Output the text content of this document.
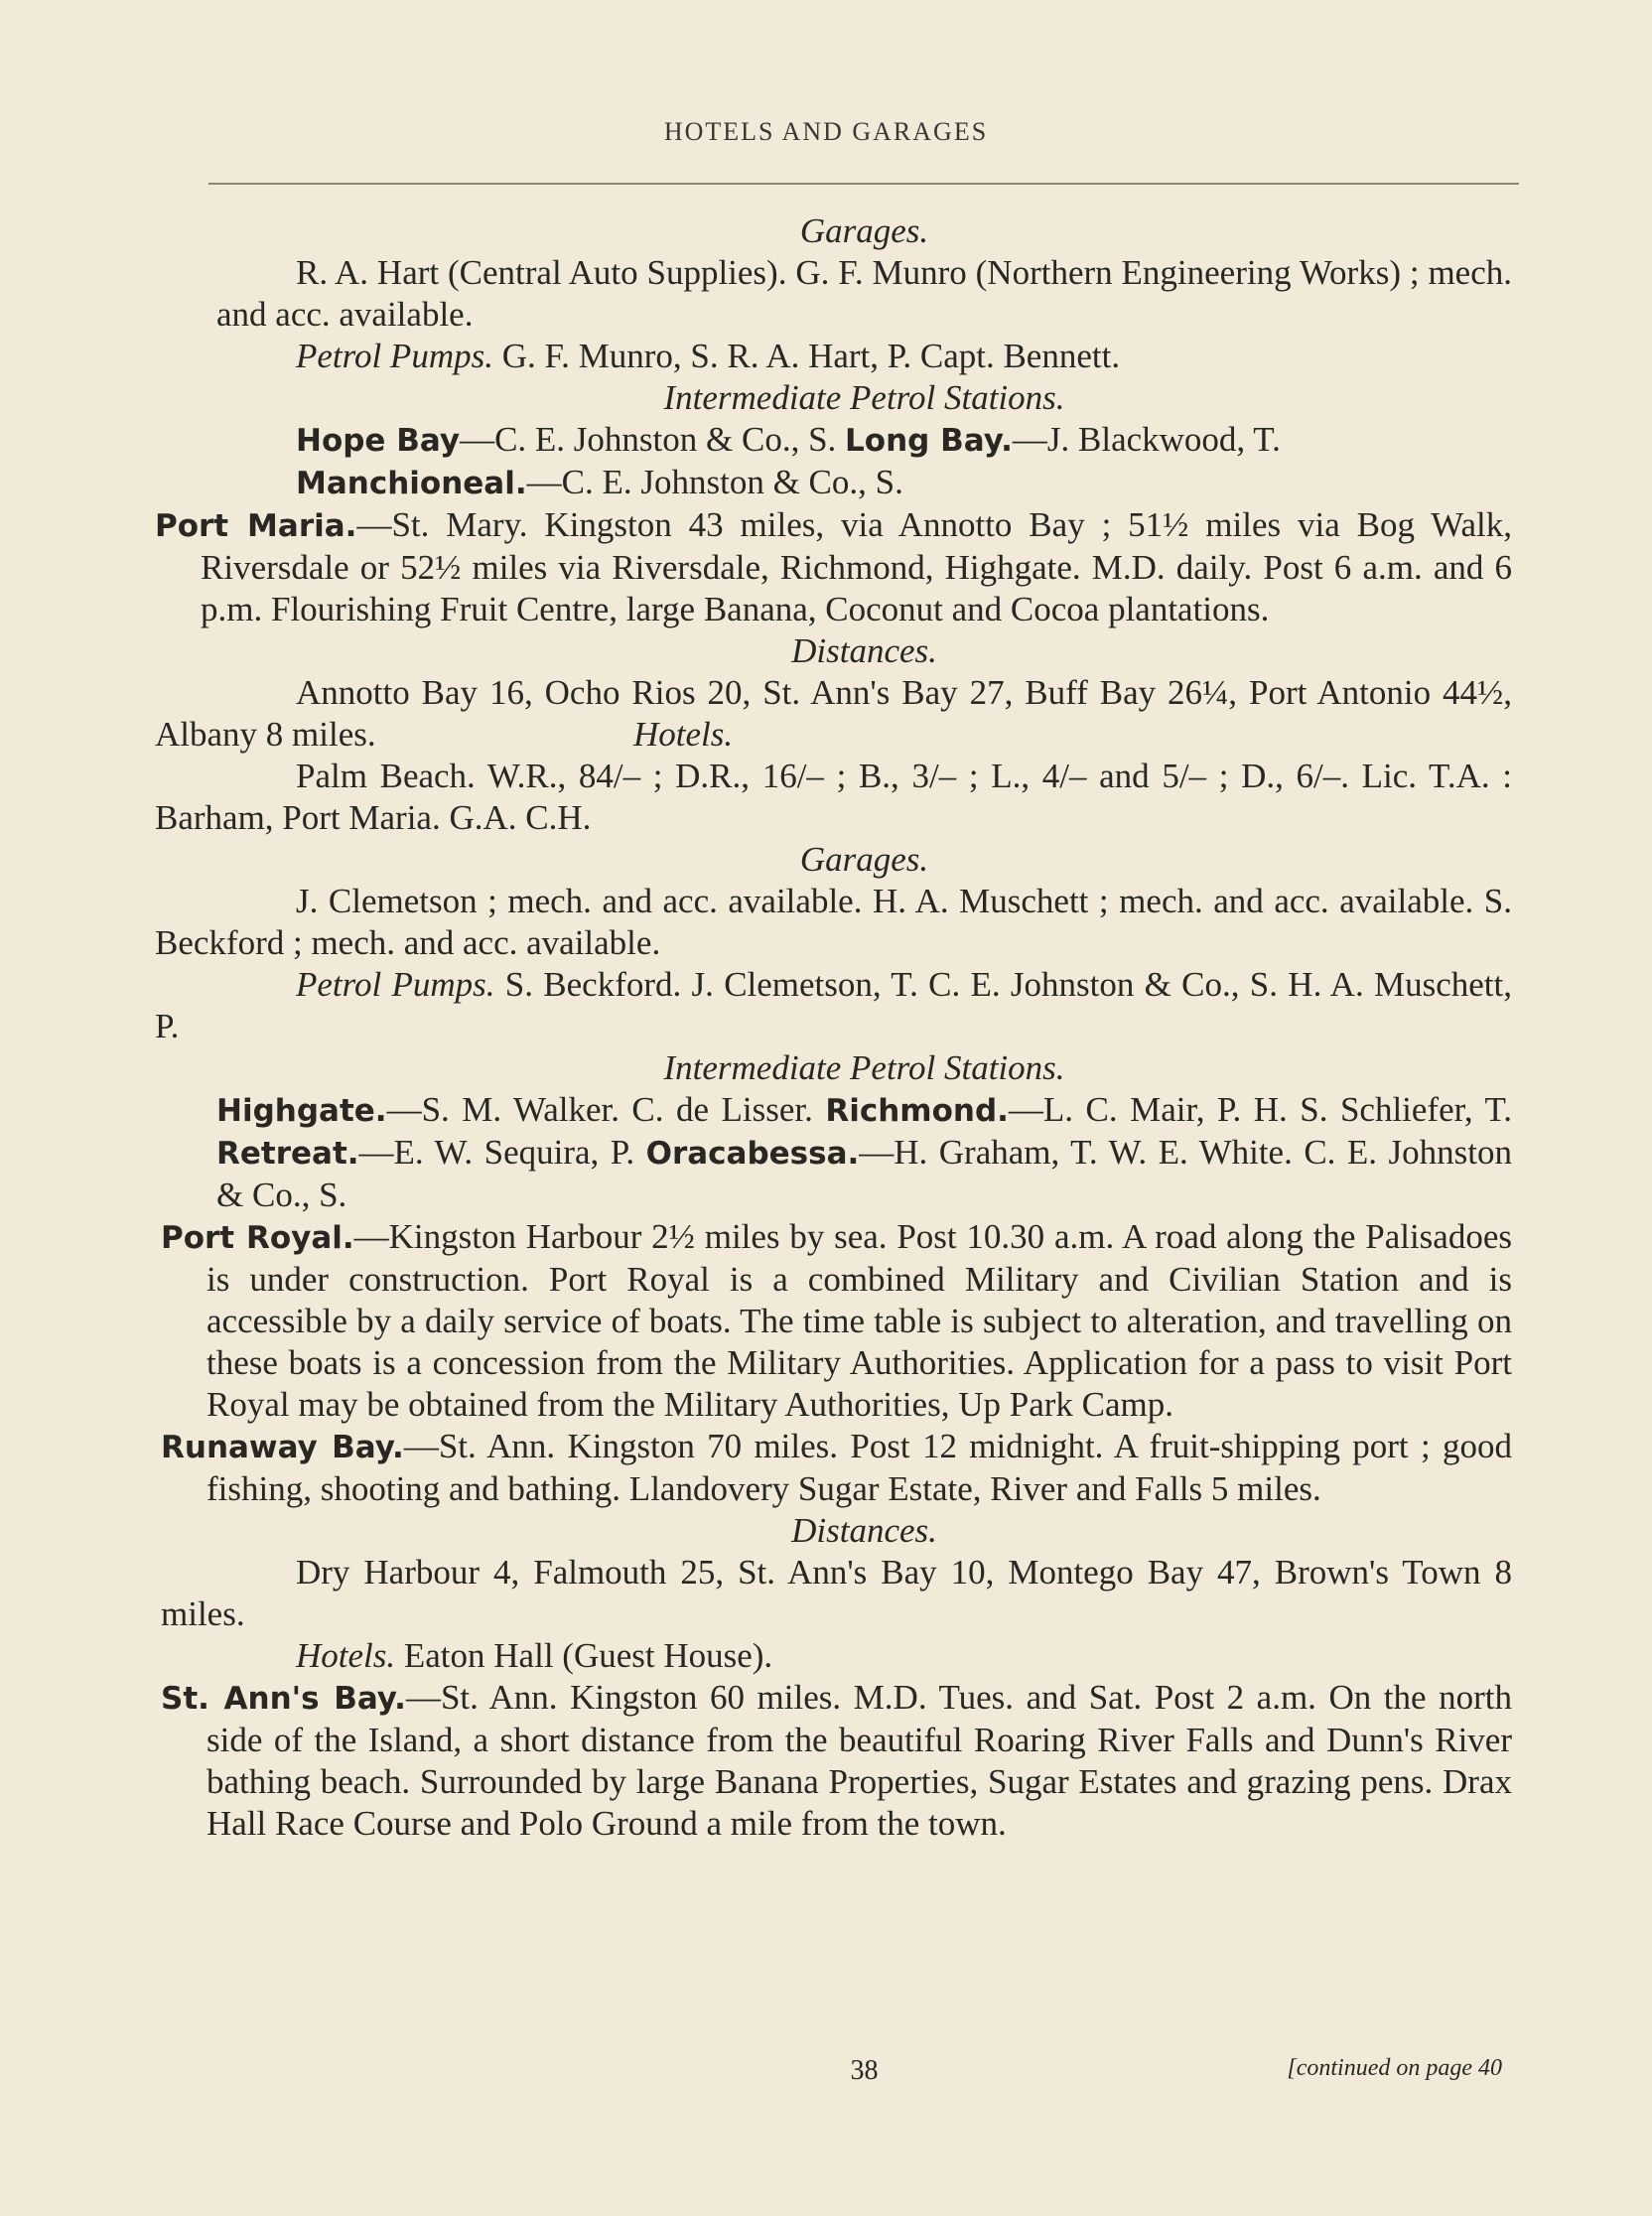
HOTELS AND GARAGES

Garages.

R. A. Hart (Central Auto Supplies). G. F. Munro (Northern Engineering Works) ; mech. and acc. available.

Petrol Pumps. G. F. Munro, S. R. A. Hart, P. Capt. Bennett.

Intermediate Petrol Stations.

Hope Bay—C. E. Johnston & Co., S. Long Bay.—J. Blackwood, T.

Manchioneal.—C. E. Johnston & Co., S.

Port Maria.—St. Mary. Kingston 43 miles, via Annotto Bay ; 51½ miles via Bog Walk, Riversdale or 52½ miles via Riversdale, Richmond, Highgate. M.D. daily. Post 6 a.m. and 6 p.m. Flourishing Fruit Centre, large Banana, Coconut and Cocoa plantations.

Distances.

Annotto Bay 16, Ocho Rios 20, St. Ann's Bay 27, Buff Bay 26¼, Port Antonio 44½, Albany 8 miles.	Hotels.

Palm Beach. W.R., 84/– ; D.R., 16/– ; B., 3/– ; L., 4/– and 5/– ; D., 6/–. Lic. T.A. : Barham, Port Maria. G.A. C.H.

Garages.

J. Clemetson ; mech. and acc. available. H. A. Muschett ; mech. and acc. available. S. Beckford ; mech. and acc. available.

Petrol Pumps. S. Beckford. J. Clemetson, T. C. E. Johnston & Co., S. H. A. Muschett, P.

Intermediate Petrol Stations.

Highgate.—S. M. Walker. C. de Lisser. Richmond.—L. C. Mair, P. H. S. Schliefer, T. Retreat.—E. W. Sequira, P. Oracabessa.—H. Graham, T. W. E. White. C. E. Johnston & Co., S.

Port Royal.—Kingston Harbour 2½ miles by sea. Post 10.30 a.m. A road along the Palisadoes is under construction. Port Royal is a combined Military and Civilian Station and is accessible by a daily service of boats. The time table is subject to alteration, and travelling on these boats is a concession from the Military Authorities. Application for a pass to visit Port Royal may be obtained from the Military Authorities, Up Park Camp.

Runaway Bay.—St. Ann. Kingston 70 miles. Post 12 midnight. A fruit-shipping port ; good fishing, shooting and bathing. Llandovery Sugar Estate, River and Falls 5 miles.

Distances.

Dry Harbour 4, Falmouth 25, St. Ann's Bay 10, Montego Bay 47, Brown's Town 8 miles.

Hotels. Eaton Hall (Guest House).

St. Ann's Bay.—St. Ann. Kingston 60 miles. M.D. Tues. and Sat. Post 2 a.m. On the north side of the Island, a short distance from the beautiful Roaring River Falls and Dunn's River bathing beach. Surrounded by large Banana Properties, Sugar Estates and grazing pens. Drax Hall Race Course and Polo Ground a mile from the town.

38	[continued on page 40
